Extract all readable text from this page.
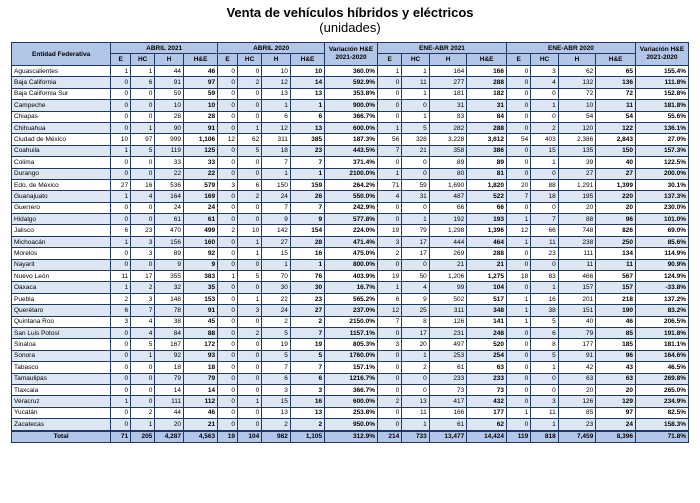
Venta de vehículos híbridos y eléctricos
(unidades)
Entidad Federativa	ABRIL 2021				ABRIL 2020				Variación H&E 2021-2020	ENE-ABR 2021				ENE-ABR 2020				Variación H&E 2021-2020
	E	HC	H	H&E	E	HC	H	H&E		E	HC	H	H&E	E	HC	H	H&E	
Aguascalientes	1	1	44	46	0	0	10	10	360.0%	1	1	164	166	0	3	62	65	155.4%
Baja California	0	6	91	97	0	2	12	14	592.9%	0	11	277	288	0	4	132	136	111.8%
Baja California Sur	0	0	59	59	0	0	13	13	353.8%	0	1	181	182	0	0	72	72	152.8%
Campeche	0	0	10	10	0	0	1	1	900.0%	0	0	31	31	0	1	10	11	181.8%
Chiapas	0	0	28	28	0	0	6	6	366.7%	0	1	83	84	0	0	54	54	55.6%
Chihuahua	0	1	90	91	0	1	12	13	600.0%	1	5	282	288	0	2	120	122	136.1%
Ciudad de México	10	97	999	1,106	12	62	311	385	187.3%	56	328	3,228	3,612	54	403	2,386	2,843	27.0%
Coahuila	1	5	119	125	0	5	18	23	443.5%	7	21	358	386	0	15	135	150	157.3%
Colima	0	0	33	33	0	0	7	7	371.4%	0	0	89	89	0	1	39	40	122.5%
Durango	0	0	22	22	0	0	1	1	2100.0%	1	0	80	81	0	0	27	27	200.0%
Edo. de México	27	16	536	579	3	6	150	159	264.2%	71	59	1,690	1,820	20	88	1,291	1,399	30.1%
Guanajuato	1	4	164	169	0	2	24	26	550.0%	4	31	487	522	7	18	195	220	137.3%
Guerrero	0	0	24	24	0	0	7	7	242.9%	0	0	66	66	0	0	20	20	230.0%
Hidalgo	0	0	61	61	0	0	9	9	577.8%	0	1	192	193	1	7	88	96	101.0%
Jalisco	6	23	470	499	2	10	142	154	224.0%	19	79	1,298	1,396	12	66	748	826	69.0%
Michoacán	1	3	156	160	0	1	27	28	471.4%	3	17	444	464	1	11	238	250	85.6%
Morelos	0	3	89	92	0	1	15	16	475.0%	2	17	269	288	0	23	111	134	114.9%
Nayarit	0	0	9	9	0	0	1	1	800.0%	0	0	21	21	0	0	11	11	90.9%
Nuevo León	11	17	355	383	1	5	70	76	403.9%	19	50	1,206	1,275	18	83	466	567	124.9%
Oaxaca	1	2	32	35	0	0	30	30	16.7%	1	4	99	104	0	1	157	157	-33.8%
Puebla	2	3	148	153	0	1	22	23	565.2%	6	9	502	517	1	16	201	218	137.2%
Querétaro	6	7	78	91	0	3	24	27	237.0%	12	25	311	348	1	38	151	190	83.2%
Quintana Roo	3	4	38	45	0	0	2	2	2150.0%	7	8	126	141	1	5	40	46	206.5%
San Luis Potosí	0	4	84	88	0	2	5	7	1157.1%	0	17	231	248	0	6	79	85	191.8%
Sinaloa	0	5	167	172	0	0	19	19	805.3%	3	20	497	520	0	8	177	185	181.1%
Sonora	0	1	92	93	0	0	5	5	1760.0%	0	1	253	254	0	5	91	96	164.6%
Tabasco	0	0	18	18	0	0	7	7	157.1%	0	2	61	63	0	1	42	43	46.5%
Tamaulipas	0	0	79	79	0	0	6	6	1216.7%	0	0	233	233	0	0	63	63	269.8%
Tlaxcala	0	0	14	14	0	0	3	3	366.7%	0	0	73	73	0	0	20	20	265.0%
Veracruz	1	0	111	112	0	1	15	16	600.0%	2	13	417	432	0	3	126	129	234.9%
Yucatán	0	2	44	46	0	0	13	13	253.8%	0	11	166	177	1	11	85	97	82.5%
Zacatecas	0	1	20	21	0	0	2	2	950.0%	0	1	61	62	0	1	23	24	158.3%
Total	71	205	4,287	4,563	19	104	982	1,105	312.9%	214	733	13,477	14,424	119	818	7,459	8,396	71.8%
